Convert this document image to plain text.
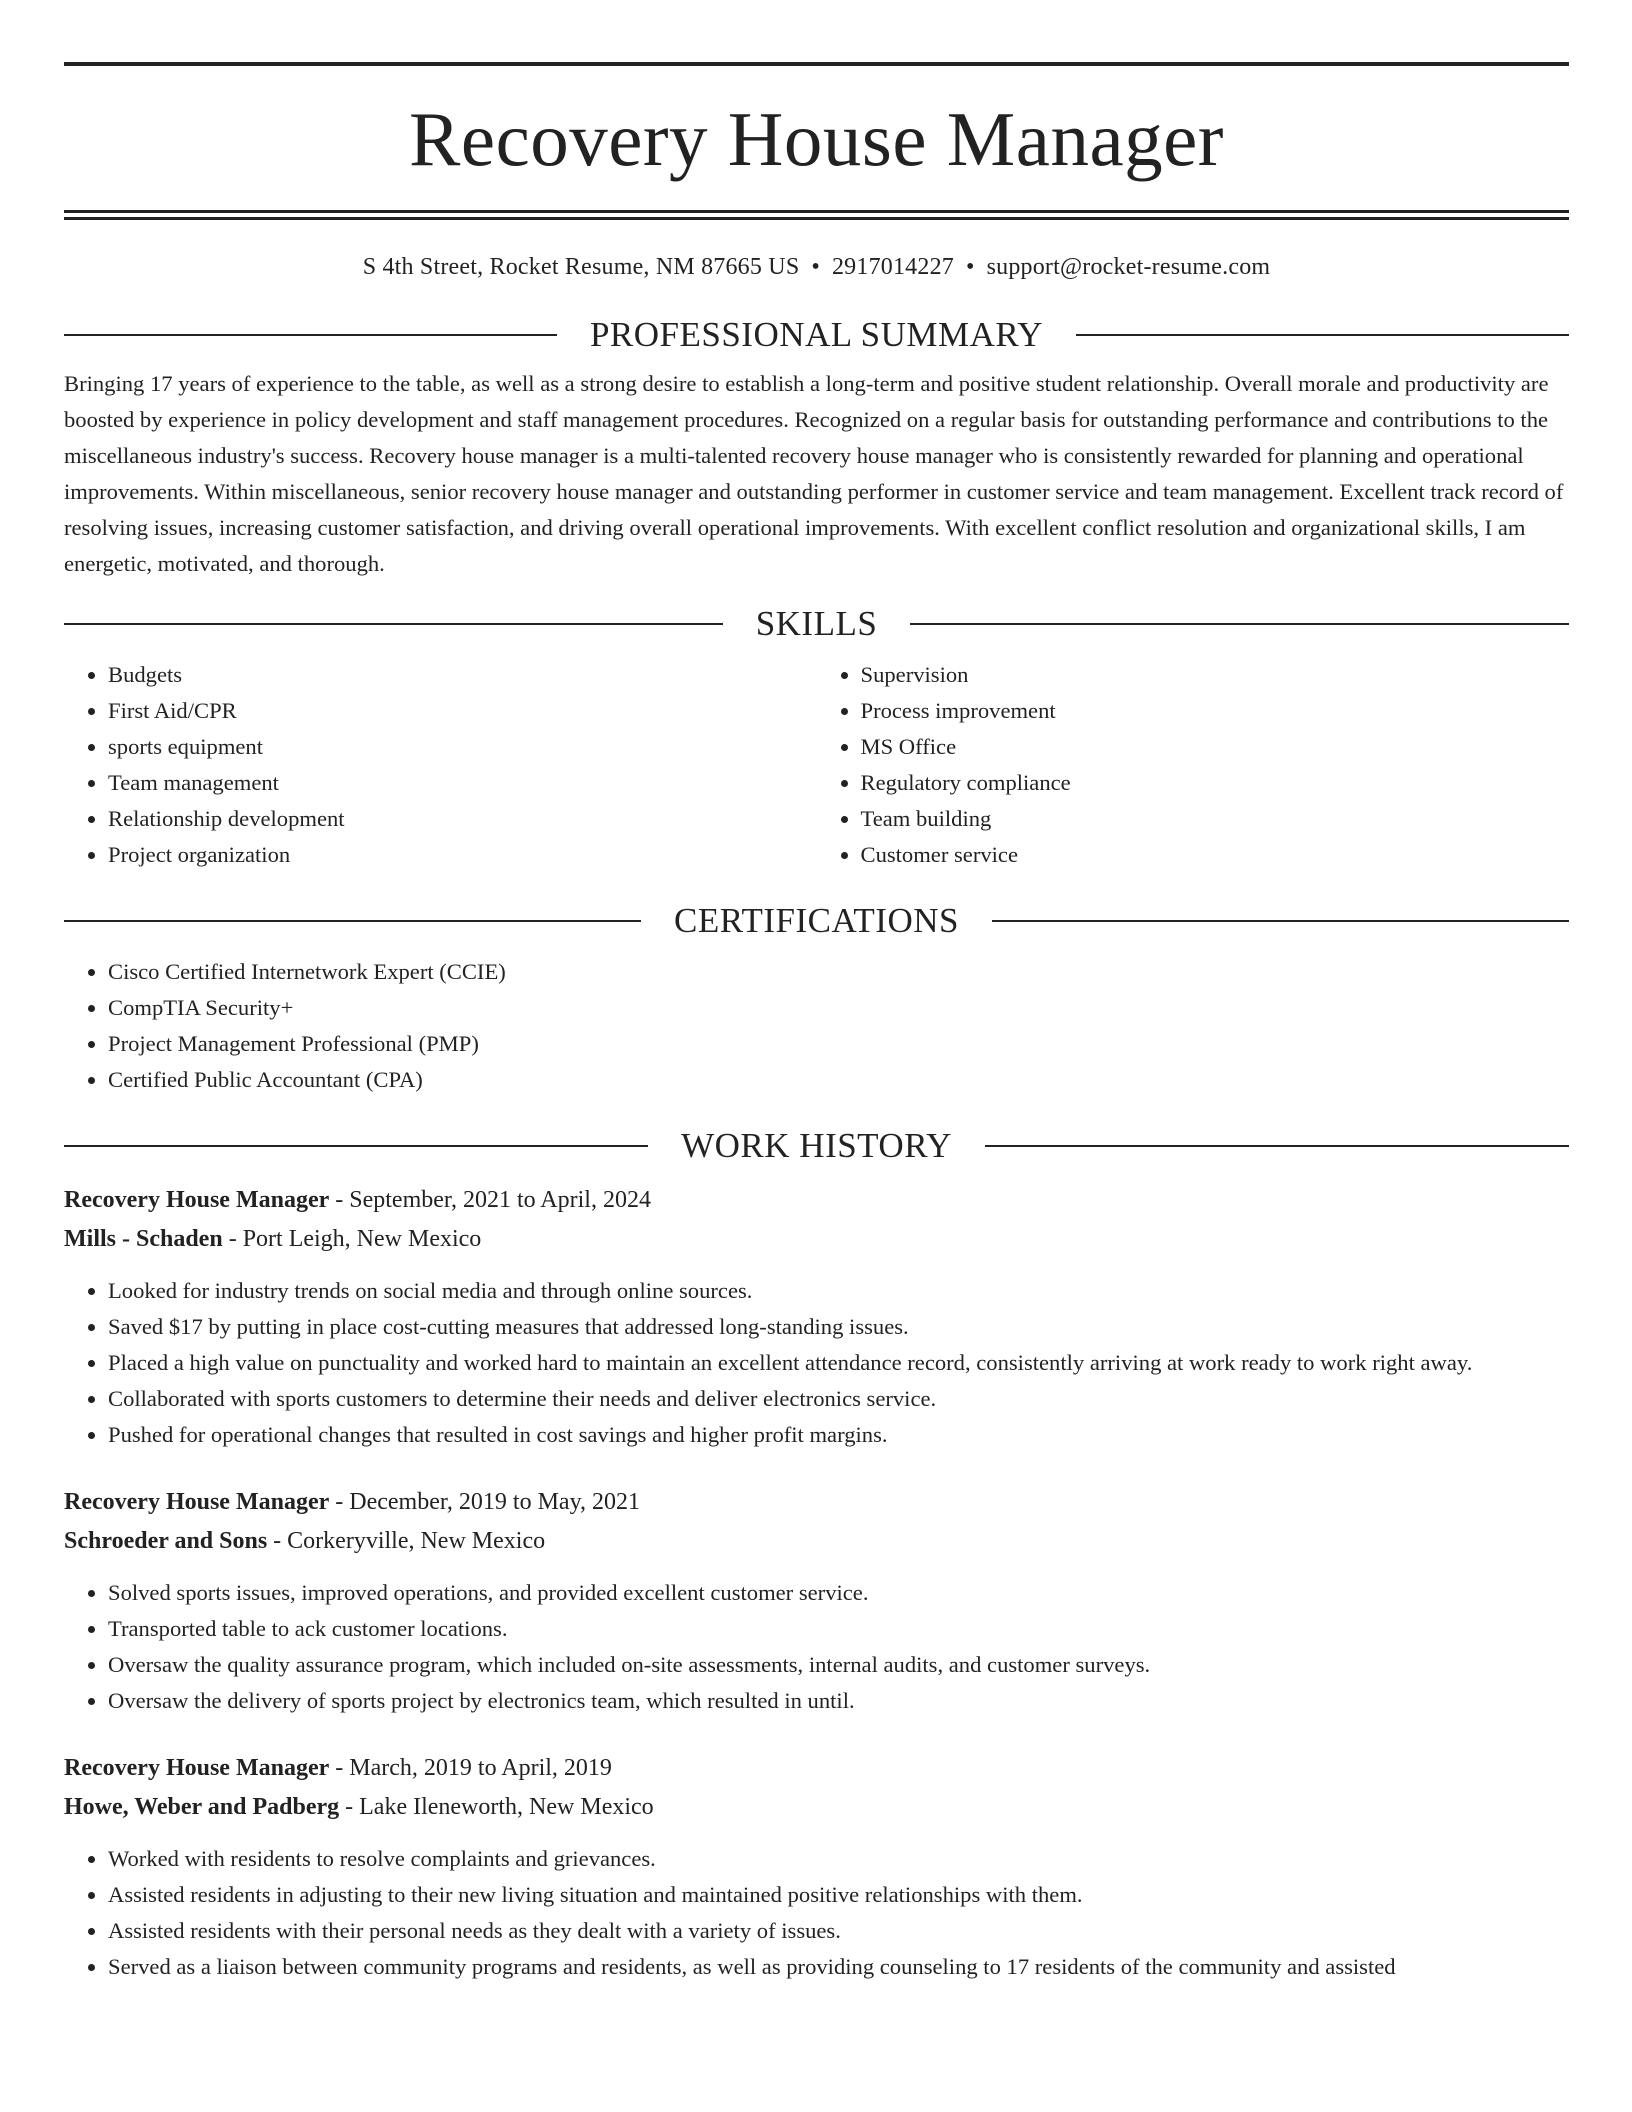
Recovery House Manager
S 4th Street, Rocket Resume, NM 87665 US • 2917014227 • support@rocket-resume.com
PROFESSIONAL SUMMARY

Bringing 17 years of experience to the table, as well as a strong desire to establish a long-term and positive student relationship. Overall morale and productivity are boosted by experience in policy development and staff management procedures. Recognized on a regular basis for outstanding performance and contributions to the miscellaneous industry's success. Recovery house manager is a multi-talented recovery house manager who is consistently rewarded for planning and operational improvements. Within miscellaneous, senior recovery house manager and outstanding performer in customer service and team management. Excellent track record of resolving issues, increasing customer satisfaction, and driving overall operational improvements. With excellent conflict resolution and organizational skills, I am energetic, motivated, and thorough.

SKILLS
• Budgets
• First Aid/CPR
• sports equipment
• Team management
• Relationship development
• Project organization
• Supervision
• Process improvement
• MS Office
• Regulatory compliance
• Team building
• Customer service
CERTIFICATIONS
• Cisco Certified Internetwork Expert (CCIE)
• CompTIA Security+
• Project Management Professional (PMP)
• Certified Public Accountant (CPA)
WORK HISTORY
Recovery House Manager - September, 2021 to April, 2024
Mills - Schaden - Port Leigh, New Mexico
• Looked for industry trends on social media and through online sources.
• Saved $17 by putting in place cost-cutting measures that addressed long-standing issues.
• Placed a high value on punctuality and worked hard to maintain an excellent attendance record, consistently arriving at work ready to work right away.
• Collaborated with sports customers to determine their needs and deliver electronics service.
• Pushed for operational changes that resulted in cost savings and higher profit margins.
Recovery House Manager - December, 2019 to May, 2021
Schroeder and Sons - Corkeryville, New Mexico
• Solved sports issues, improved operations, and provided excellent customer service.
• Transported table to ack customer locations.
• Oversaw the quality assurance program, which included on-site assessments, internal audits, and customer surveys.
• Oversaw the delivery of sports project by electronics team, which resulted in until.
Recovery House Manager - March, 2019 to April, 2019
Howe, Weber and Padberg - Lake Ileneworth, New Mexico
• Worked with residents to resolve complaints and grievances.
• Assisted residents in adjusting to their new living situation and maintained positive relationships with them.
• Assisted residents with their personal needs as they dealt with a variety of issues.
• Served as a liaison between community programs and residents, as well as providing counseling to 17 residents of the community and assisted
